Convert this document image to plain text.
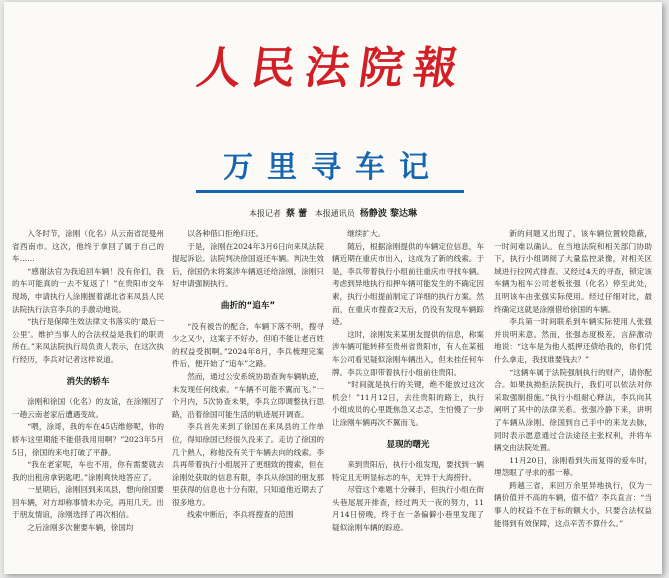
人民法院報
万里寻车记
本报记者 蔡 蕾 本报通讯员 杨静波 黎达琳

入冬时节，涂刚（化名）从云南省昆曼州省西南市。这次，他终于拿回了属于自己的车……

“感谢法官为我追回车辆！没有你们，我的车可能真的一去不复返了！”在贵阳市交车现场，申请执行人涂刚握着湖北省来凤县人民法院执行法官李兵的手激动地说。

“执行是保障生效法律文书落实的‘最后一公里’。维护当事人的合法权益是我们的职责所在。”来凤法院执行局负责人表示，在这次执行经历，李兵对记者这样说道。

消失的轿车

涂刚和徐国（化名）的友谊，在涂刚因了一趟云南老家后遭遇变故。

“喂，涂哥，我的车在45店维修呢，你的轿车这里期能不能借我用用啊？”2023年5月5日，徐国的来电打破了平静。

“我在老家呢，车也不用，你有需要就去我的出租房拿钥匙吧。”涂刚爽快地答应了。

一星期后，涂刚回到来凤县，想向徐国要回车辆，对方却称事情未办完，再用几天。出于朋友情谊，涂刚选择了再次相信。

之后涂刚多次催要车辆，徐国均

以各种借口拒绝归还。

于是，涂刚在2024年3月6日向来凤法院提起诉讼。法院判决徐国返还车辆。判决生效后，徐国仍未将案涉车辆返还给涂刚，涂刚只好申请强制执行。

曲折的“追车”

“没有被告的配合，车辆下落不明，搜寻少之又少，这案子不好办，但咱不能让老百姓的权益受损啊。”2024年8月，李兵梳理完案件后，便开始了“追车”之路。

然而，通过公安系统协助查询车辆轨迹，未发现任何线索。“车辆不可能不翼而飞。”一个月内，5次协查未果，李兵立即调整执行思路，沿着徐国可能生活的轨迹展开调查。

李兵首先来到了徐国在来凤县的工作单位，得知徐国已经很久没来了。走访了徐国的几个熟人，称他没有关于车辆去向的线索。李兵再带着执行小组展开了更细致的搜索，但在涂刚处获取的信息有限，李兵从徐国的朋友那里获得的信息也十分有限，只知道他近期去了很多地方。

线索中断后，李兵将搜查的范围

继续扩大。

随后，根据涂刚提供的车辆定位信息，车辆近期在重庆市出入，这成为了新的线索。于是，李兵带着执行小组前往重庆市寻找车辆。考虑到异地执行扣押车辆可能发生的不确定因素，执行小组提前制定了详细的执行方案。然而，在重庆市搜查2天后，仍没有发现车辆踪迹。

这时，涂刚发来某朋友提供的信息，称案涉车辆可能转移至贵州省贵阳市，有人在某租车公司看见疑似涂刚车辆出入，但未挂任何车牌。李兵立即带着执行小组前往贵阳。

“时间就是执行的关键，绝不能放过这次机会！”11月12日，去往贵阳的路上，执行小组成员的心里既焦急又忐忑，生怕慢了一步让涂刚车辆再次不翼而飞。

显现的曙光

来到贵阳后，执行小组发现，要找到一辆特定且无明显标志的车，无异于大海捞针。

尽管这个难题十分棘手，但执行小组在街头巷尾展开排查，经过两天一夜的努力，11月14日傍晚，终于在一条偏僻小巷里发现了疑似涂刚车辆的踪迹。

新的问题又出现了，该车辆位置较隐蔽，一时间难以确认。在当地法院和相关部门协助下，执行小组调阅了大量监控录像，对相关区域进行拉网式排查。又经过4天的寻查，锁定该车辆为租车公司老板张强（化名）停至此处，且明该车由张强实际使用。经过仔细对比，最终确定这就是涂刚借给徐国的车辆。

李兵第一时间联系到车辆实际使用人张强并说明来意。然而，张强态度极差，言辞激动地说：“这车是为他人抵押还债给我的，你们凭什么拿走，我找谁要钱去？”

“这辆车属于法院强制执行的财产，请你配合。如果执拗拒法院执行，我们可以依法对你采取强制措施。”执行小组耐心释法，李兵向其阐明了其中的法律关系。张强冷静下来，讲明了车辆从涂刚、徐国到自己手中的来龙去脉，同时表示愿意通过合法途径主张权利，并将车辆交由法院处置。

11月20日，涂刚看到失而复得的爱车时，埋怨眼了寻求的那一幕。

跨越三省，来回万余里异地执行，仅为一辆价值并不高的车辆，值不值？李兵直言：“当事人的权益不在于标的额大小，只要合法权益能得到有效保障，这点辛苦不算什么。”
